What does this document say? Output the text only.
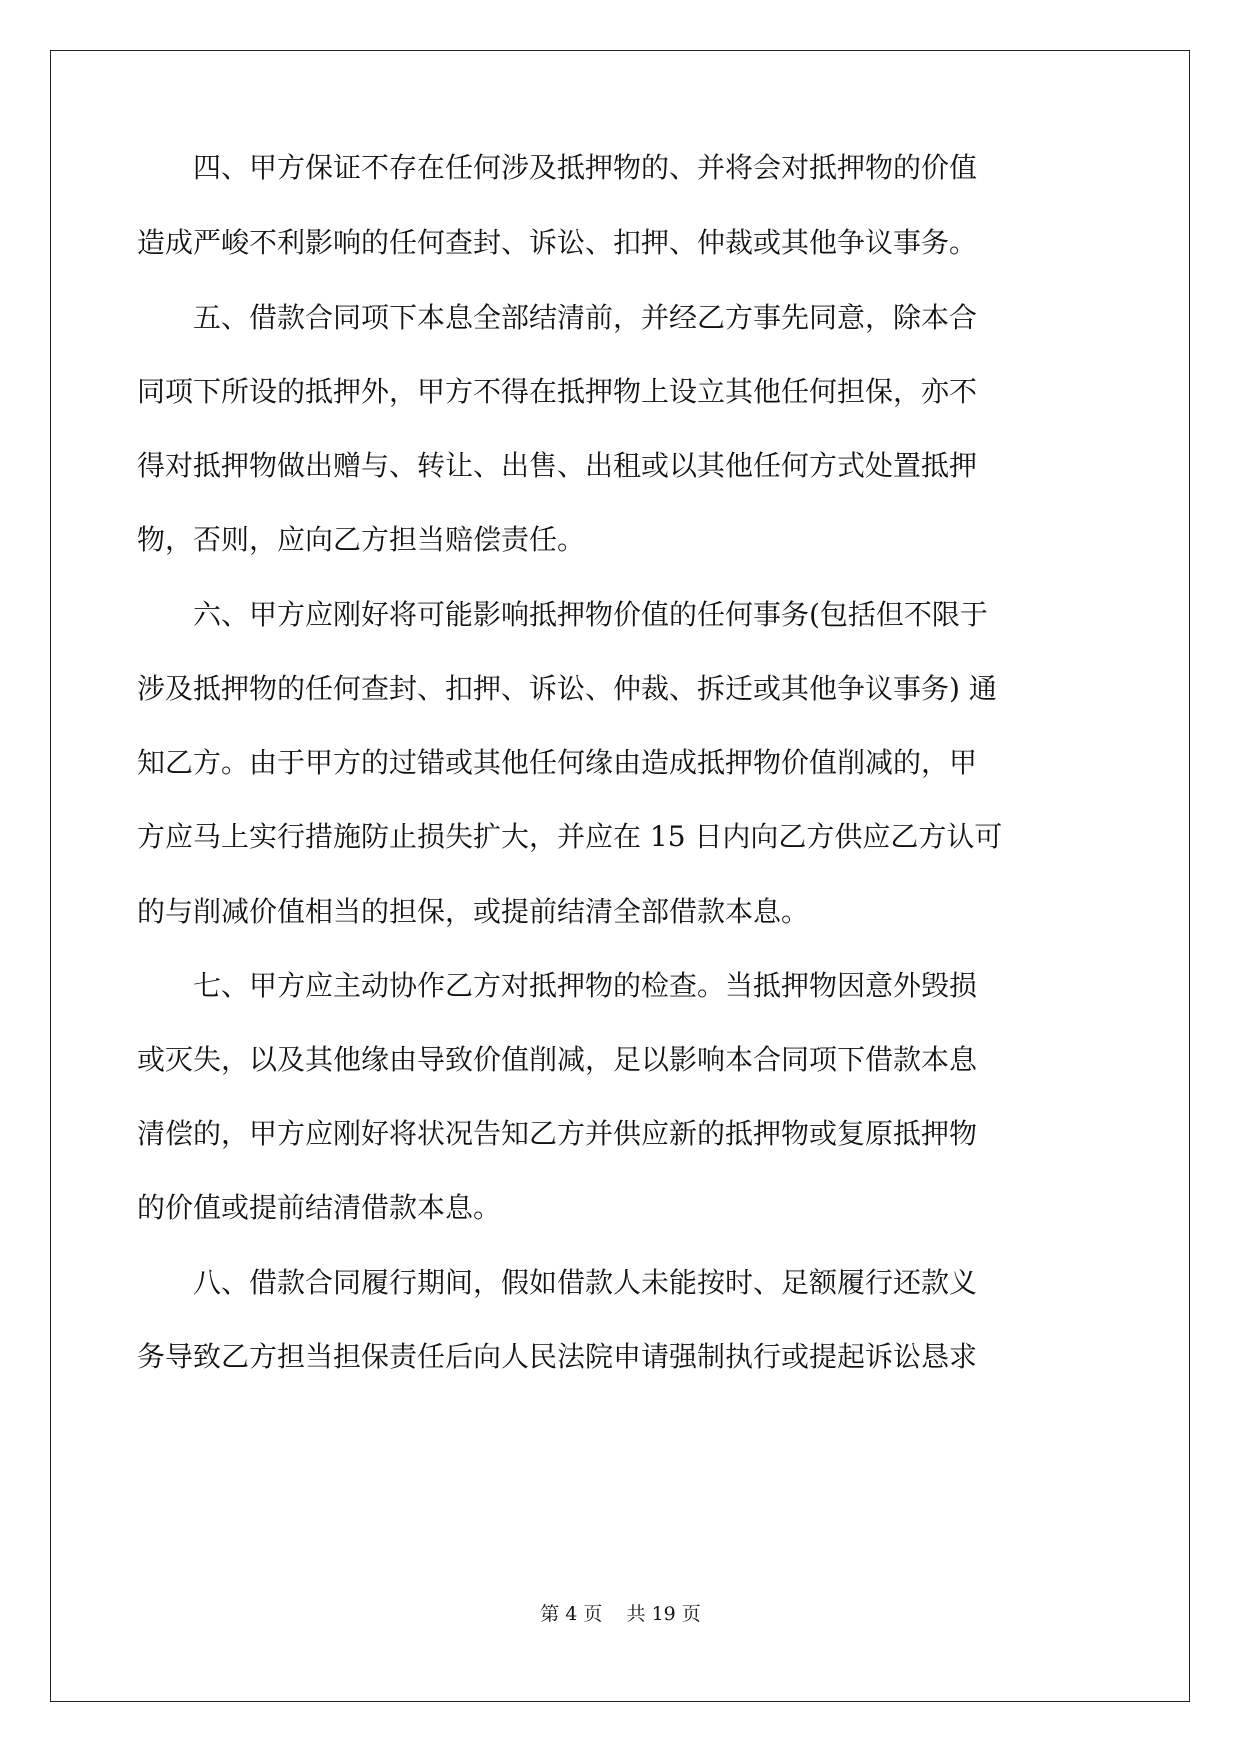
四、甲方保证不存在任何涉及抵押物的、并将会对抵押物的价值
造成严峻不利影响的任何查封、诉讼、扣押、仲裁或其他争议事务。
五、借款合同项下本息全部结清前，并经乙方事先同意，除本合
同项下所设的抵押外，甲方不得在抵押物上设立其他任何担保，亦不
得对抵押物做出赠与、转让、出售、出租或以其他任何方式处置抵押
物，否则，应向乙方担当赔偿责任。
六、甲方应刚好将可能影响抵押物价值的任何事务(包括但不限于
涉及抵押物的任何查封、扣押、诉讼、仲裁、拆迁或其他争议事务) 通
知乙方。由于甲方的过错或其他任何缘由造成抵押物价值削减的，甲
方应马上实行措施防止损失扩大，并应在 15 日内向乙方供应乙方认可
的与削减价值相当的担保，或提前结清全部借款本息。
七、甲方应主动协作乙方对抵押物的检查。当抵押物因意外毁损
或灭失，以及其他缘由导致价值削减，足以影响本合同项下借款本息
清偿的，甲方应刚好将状况告知乙方并供应新的抵押物或复原抵押物
的价值或提前结清借款本息。
八、借款合同履行期间，假如借款人未能按时、足额履行还款义
务导致乙方担当担保责任后向人民法院申请强制执行或提起诉讼恳求
第 4 页    共 19 页
